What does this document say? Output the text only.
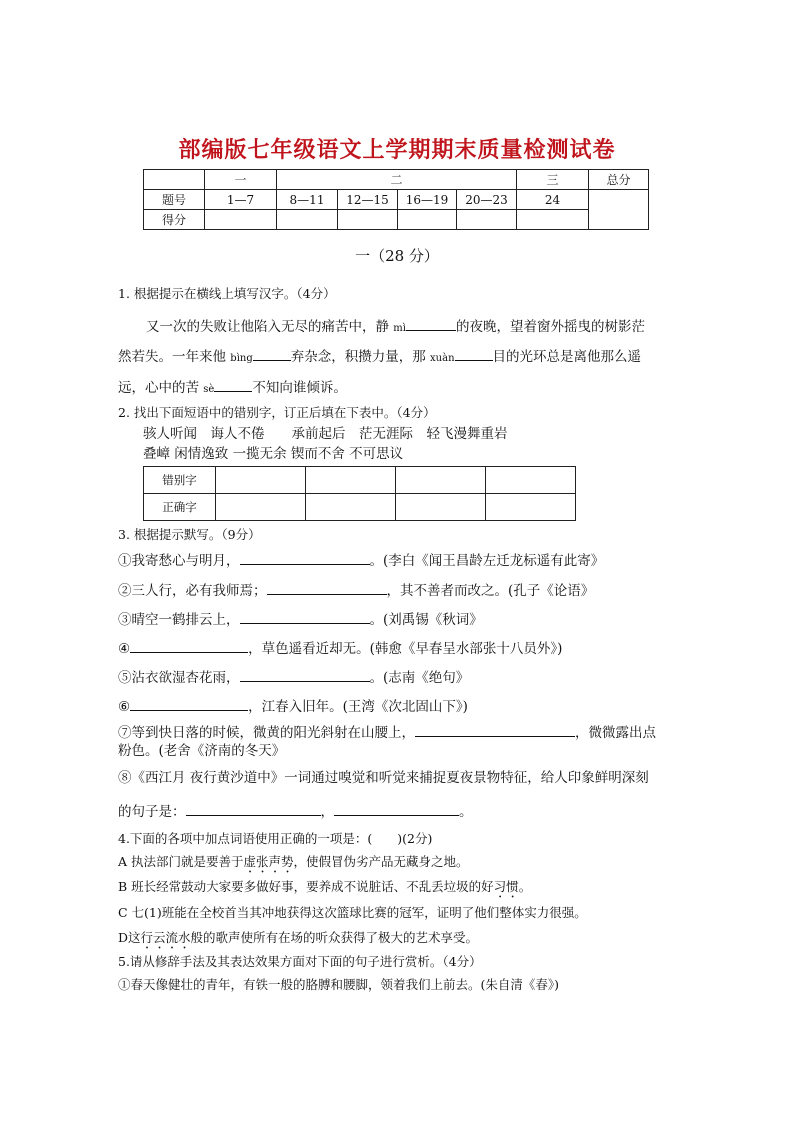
部编版七年级语文上学期期末质量检测试卷
	一	二				三	总分
题号	1—7	8—11	12—15	16—19	20—23	24	
得分							
一（28 分）
1. 根据提示在横线上填写汉字。（4分）
又一次的失败让他陷入无尽的痛苦中，静 mì	的夜晚，望着窗外摇曳的树影茫
然若失。一年来他 bìng	弃杂念，积攒力量，那 xuàn	目的光环总是离他那么遥
远，心中的苦 sè	不知向谁倾诉。
2. 找出下面短语中的错别字，订正后填在下表中。（4分）
骇人听闻　诲人不倦　　承前起后　茫无涯际　轻飞漫舞重岩
叠嶂 闲情逸致 一揽无余 锲而不舍 不可思议
错别字				
正确字				
3. 根据提示默写。（9分）
①我寄愁心与明月，	。(李白《闻王昌龄左迁龙标遥有此寄》
②三人行，必有我师焉；	，其不善者而改之。(孔子《论语》
③晴空一鹤排云上，	。(刘禹锡《秋词》
④	，草色遥看近却无。(韩愈《早春呈水部张十八员外》)
⑤沾衣欲湿杏花雨，	。(志南《绝句》
⑥	，江春入旧年。(王湾《次北固山下》)
⑦等到快日落的时候，微黄的阳光斜射在山腰上，	，微微露出点
粉色。(老舍《济南的冬天》
⑧《西江月 夜行黄沙道中》一词通过嗅觉和听觉来捕捉夏夜景物特征，给人印象鲜明深刻
的句子是：	，	。
4.下面的各项中加点词语使用正确的一项是：(　　)(2分)
A 执法部门就是要善于虚张声势，使假冒伪劣产品无藏身之地。
B 班长经常鼓动大家要多做好事，要养成不说脏话、不乱丢垃圾的好习惯。
C 七(1)班能在全校首当其冲地获得这次篮球比赛的冠军，证明了他们整体实力很强。
D这行云流水般的歌声使所有在场的听众获得了极大的艺术享受。
5.请从修辞手法及其表达效果方面对下面的句子进行赏析。（4分）
①春天像健壮的青年，有铁一般的胳膊和腰脚，领着我们上前去。(朱自清《春》)
